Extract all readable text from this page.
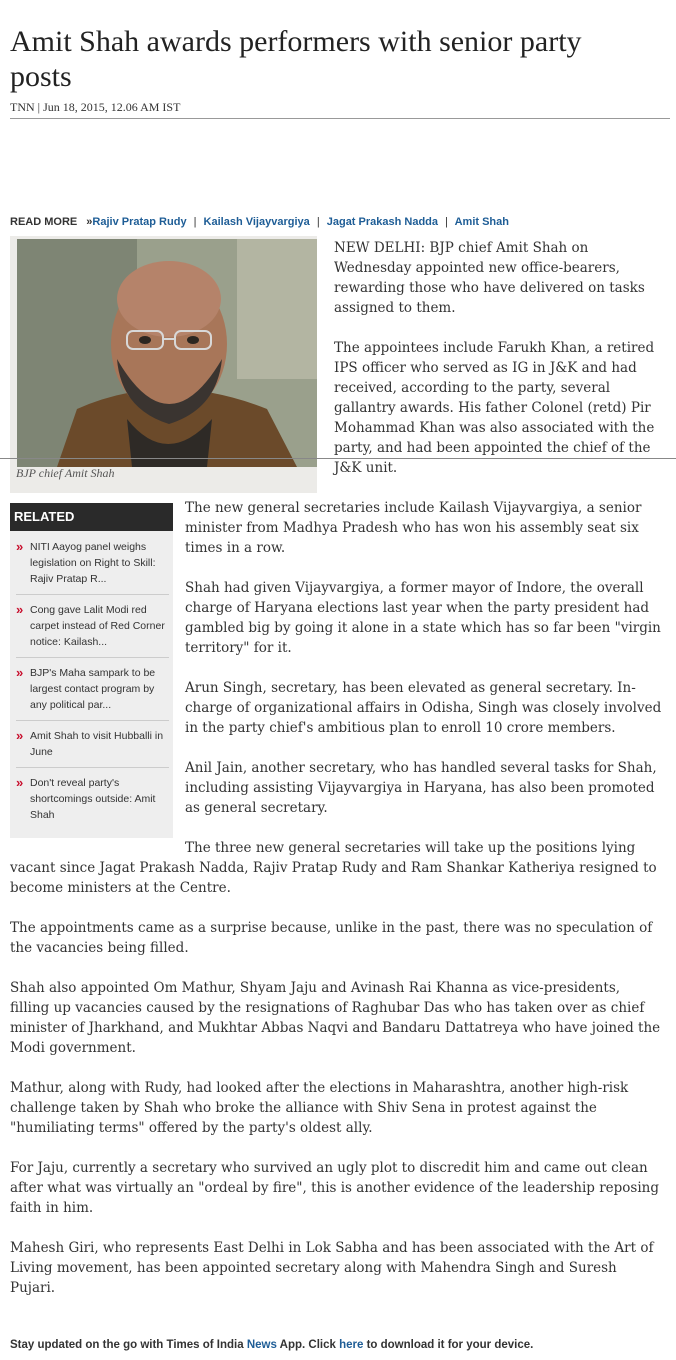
Amit Shah awards performers with senior party posts
TNN | Jun 18, 2015, 12.06 AM IST
READ MORE »Rajiv Pratap Rudy | Kailash Vijayvargiya | Jagat Prakash Nadda | Amit Shah
BJP chief Amit Shah
RELATED
» NITI Aayog panel weighs legislation on Right to Skill: Rajiv Pratap R...
» Cong gave Lalit Modi red carpet instead of Red Corner notice: Kailash...
» BJP's Maha sampark to be largest contact program by any political par...
» Amit Shah to visit Hubballi in June
» Don't reveal party's shortcomings outside: Amit Shah

NEW DELHI: BJP chief Amit Shah on Wednesday appointed new office-bearers, rewarding those who have delivered on tasks assigned to them.

The appointees include Farukh Khan, a retired IPS officer who served as IG in J&K and had received, according to the party, several gallantry awards. His father Colonel (retd) Pir Mohammad Khan was also associated with the party, and had been appointed the chief of the J&K unit.

The new general secretaries include Kailash Vijayvargiya, a senior minister from Madhya Pradesh who has won his assembly seat six times in a row.

Shah had given Vijayvargiya, a former mayor of Indore, the overall charge of Haryana elections last year when the party president had gambled big by going it alone in a state which has so far been "virgin territory" for it.

Arun Singh, secretary, has been elevated as general secretary. In-charge of organizational affairs in Odisha, Singh was closely involved in the party chief's ambitious plan to enroll 10 crore members.

Anil Jain, another secretary, who has handled several tasks for Shah, including assisting Vijayvargiya in Haryana, has also been promoted as general secretary.

The three new general secretaries will take up the positions lying vacant since Jagat Prakash Nadda, Rajiv Pratap Rudy and Ram Shankar Katheriya resigned to become ministers at the Centre.

The appointments came as a surprise because, unlike in the past, there was no speculation of the vacancies being filled.

Shah also appointed Om Mathur, Shyam Jaju and Avinash Rai Khanna as vice-presidents, filling up vacancies caused by the resignations of Raghubar Das who has taken over as chief minister of Jharkhand, and Mukhtar Abbas Naqvi and Bandaru Dattatreya who have joined the Modi government.

Mathur, along with Rudy, had looked after the elections in Maharashtra, another high-risk challenge taken by Shah who broke the alliance with Shiv Sena in protest against the "humiliating terms" offered by the party's oldest ally.

For Jaju, currently a secretary who survived an ugly plot to discredit him and came out clean after what was virtually an "ordeal by fire", this is another evidence of the leadership reposing faith in him.

Mahesh Giri, who represents East Delhi in Lok Sabha and has been associated with the Art of Living movement, has been appointed secretary along with Mahendra Singh and Suresh Pujari.

Stay updated on the go with Times of India News App. Click here to download it for your device.
